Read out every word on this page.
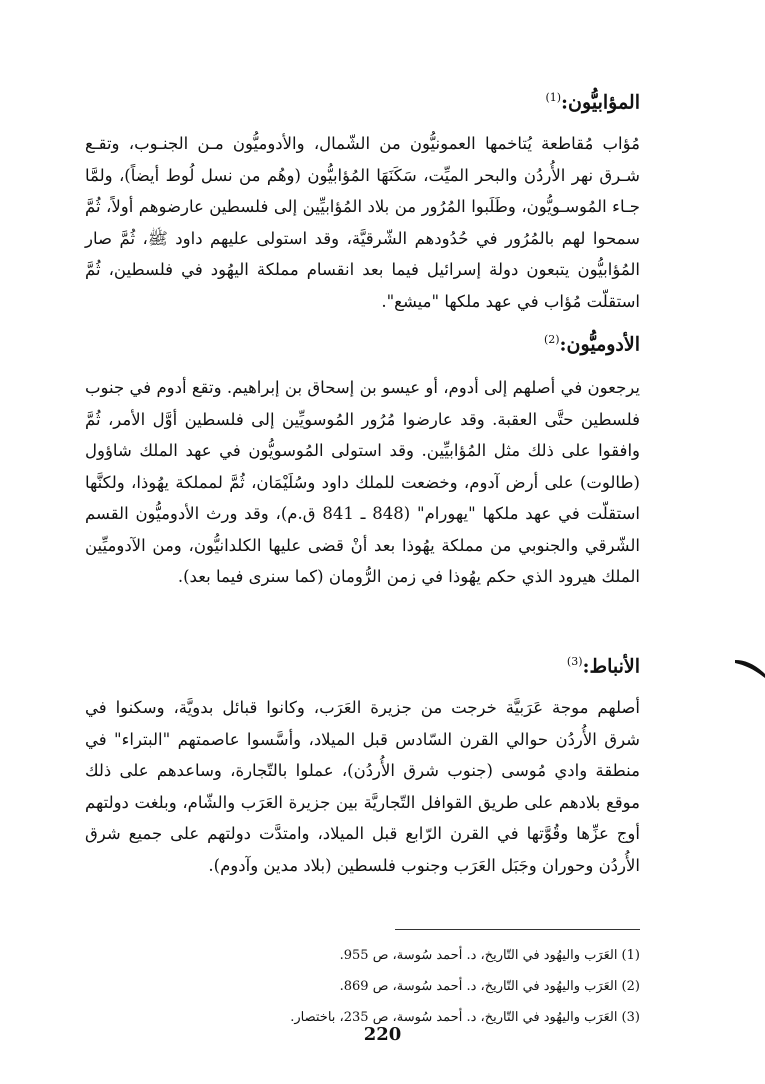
المؤابيُّون:$^{(1)}$

مُؤاب مُقاطعة يُتاخمها العمونيُّون من الشّمال، والأدوميُّون مـن الجنـوب، وتقـع شـرق نهر الأُردُن والبحر الميِّت، سَكَنَهَا المُؤابيُّون (وهُم من نسل لُوط أيضاً)، ولمَّا جـاء المُوسـويُّون، وطَلَبوا المُرُور من بلاد المُؤابيِّين إلى فلسطين عارضوهم أولاً، ثُمَّ سمحوا لهم بالمُرُور في حُدُودهم الشّرقيَّة، وقد استولى عليهم داود ﷺ، ثُمَّ صار المُؤابيُّون يتبعون دولة إسرائيل فيما بعد انقسام مملكة اليهُود في فلسطين، ثُمَّ استقلّت مُؤاب في عهد ملكها "ميشع".

الأدوميُّون:$^{(2)}$

يرجعون في أصلهم إلى أدوم، أو عيسو بن إسحاق بن إبراهيم. وتقع أدوم في جنوب فلسطين حتَّى العقبة. وقد عارضوا مُرُور المُوسويِّين إلى فلسطين أوَّل الأمر، ثُمَّ وافقوا على ذلك مثل المُؤابيِّين. وقد استولى المُوسويُّون في عهد الملك شاؤول (طالوت) على أرض آدوم، وخضعت للملك داود وسُلَيْمَان، ثُمَّ لمملكة يهُوذا، ولكنَّها استقلّت في عهد ملكها "يهورام" (848 ـ 841 ق.م)، وقد ورث الأدوميُّون القسم الشّرقي والجنوبي من مملكة يهُوذا بعد أنْ قضى عليها الكلدانيُّون، ومن الآدوميِّين الملك هيرود الذي حكم يهُوذا في زمن الرُّومان (كما سنرى فيما بعد).

الأنباط:$^{(3)}$

أصلهم موجة عَرَبيَّة خرجت من جزيرة العَرَب، وكانوا قبائل بدويَّة، وسكنوا في شرق الأُردُن حوالي القرن السّادس قبل الميلاد، وأسَّسوا عاصمتهم "البتراء" في منطقة وادي مُوسى (جنوب شرق الأُردُن)، عملوا بالتّجارة، وساعدهم على ذلك موقع بلادهم على طريق القوافل التّجاريَّة بين جزيرة العَرَب والشّام، وبلغت دولتهم أوج عزِّها وقُوَّتها في القرن الرّابع قبل الميلاد، وامتدَّت دولتهم على جميع شرق الأُردُن وحوران وجَبَل العَرَب وجنوب فلسطين (بلاد مدين وآدوم).

(1) العَرَب واليهُود في التّاريخ، د. أحمد سُوسة، ص 955.
(2) العَرَب واليهُود في التّاريخ، د. أحمد سُوسة، ص 869.
(3) العَرَب واليهُود في التّاريخ، د. أحمد سُوسة، ص 235، باختصار.
220
